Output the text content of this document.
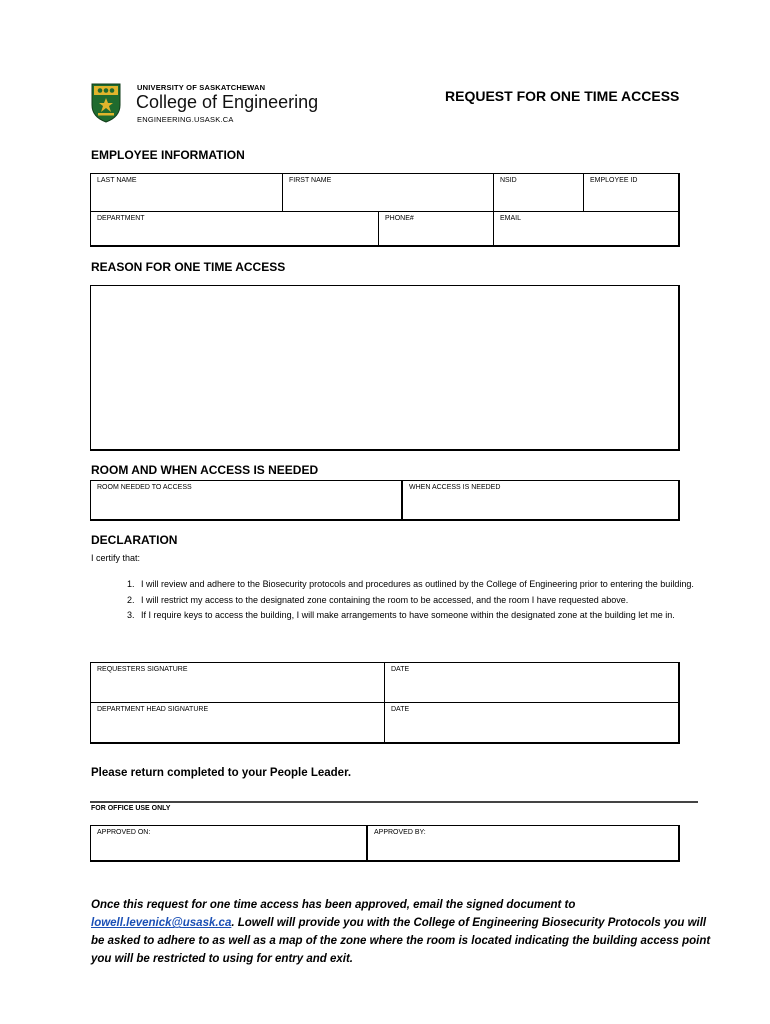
UNIVERSITY OF SASKATCHEWAN
College of Engineering
ENGINEERING.USASK.CA
REQUEST FOR ONE TIME ACCESS
EMPLOYEE INFORMATION
LAST NAME	FIRST NAME	NSID	EMPLOYEE ID
DEPARTMENT	PHONE#	EMAIL
REASON FOR ONE TIME ACCESS
ROOM AND WHEN ACCESS IS NEEDED
ROOM NEEDED TO ACCESS	WHEN ACCESS IS NEEDED
DECLARATION
I certify that:
1. I will review and adhere to the Biosecurity protocols and procedures as outlined by the College of Engineering prior to entering the building.
2. I will restrict my access to the designated zone containing the room to be accessed, and the room I have requested above.
3. If I require keys to access the building, I will make arrangements to have someone within the designated zone at the building let me in.
REQUESTERS SIGNATURE	DATE
DEPARTMENT HEAD SIGNATURE	DATE
Please return completed to your People Leader.
FOR OFFICE USE ONLY
APPROVED ON:	APPROVED BY:
Once this request for one time access has been approved, email the signed document to lowell.levenick@usask.ca. Lowell will provide you with the College of Engineering Biosecurity Protocols you will be asked to adhere to as well as a map of the zone where the room is located indicating the building access point you will be restricted to using for entry and exit.
